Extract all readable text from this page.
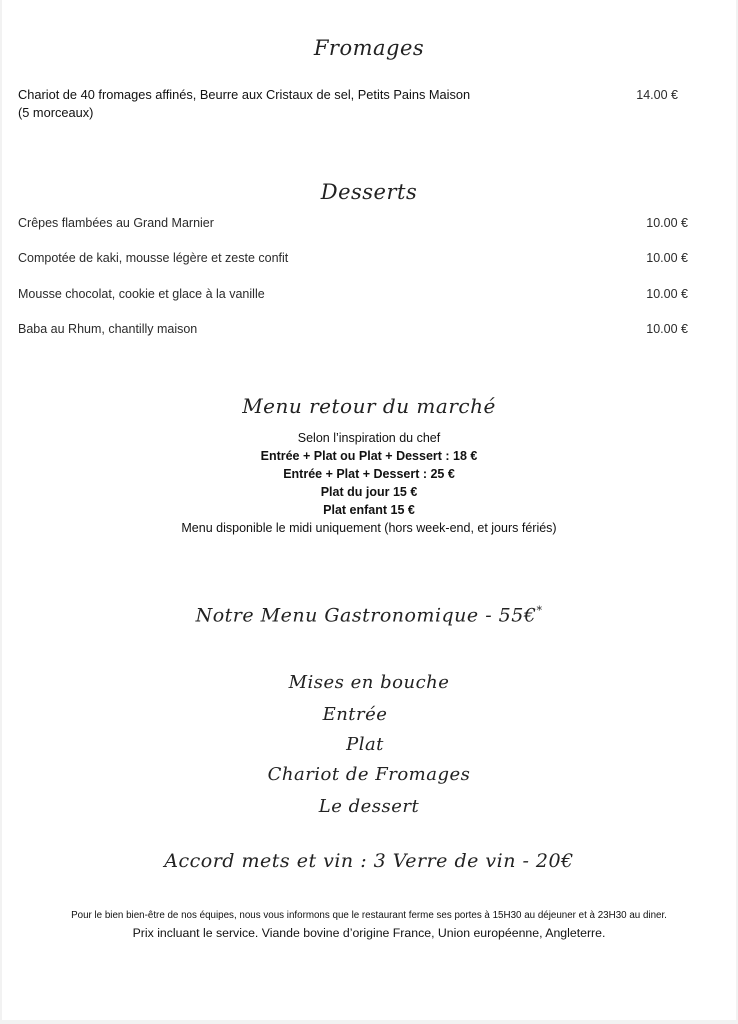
Fromages
Chariot de 40 fromages affinés, Beurre aux Cristaux de sel, Petits Pains Maison
(5 morceaux)
14.00 €
Desserts
Crêpes flambées au Grand Marnier	10.00 €
Compotée de kaki, mousse légère et zeste confit	10.00 €
Mousse chocolat, cookie et glace à la vanille	10.00 €
Baba au Rhum, chantilly maison	10.00 €
Menu retour du marché
Selon l’inspiration du chef
Entrée + Plat ou Plat + Dessert : 18 €
Entrée + Plat + Dessert : 25 €
Plat du jour 15 €
Plat enfant 15 €
Menu disponible le midi uniquement (hors week-end, et jours fériés)
Notre Menu Gastronomique - 55€*
Mises en bouche
Entrée
Plat
Chariot de Fromages
Le dessert
Accord mets et vin : 3 Verre de vin - 20€
Pour le bien bien-être de nos équipes, nous vous informons que le restaurant ferme ses portes à 15H30 au déjeuner et à 23H30 au diner.
Prix incluant le service. Viande bovine d’origine France, Union européenne, Angleterre.
